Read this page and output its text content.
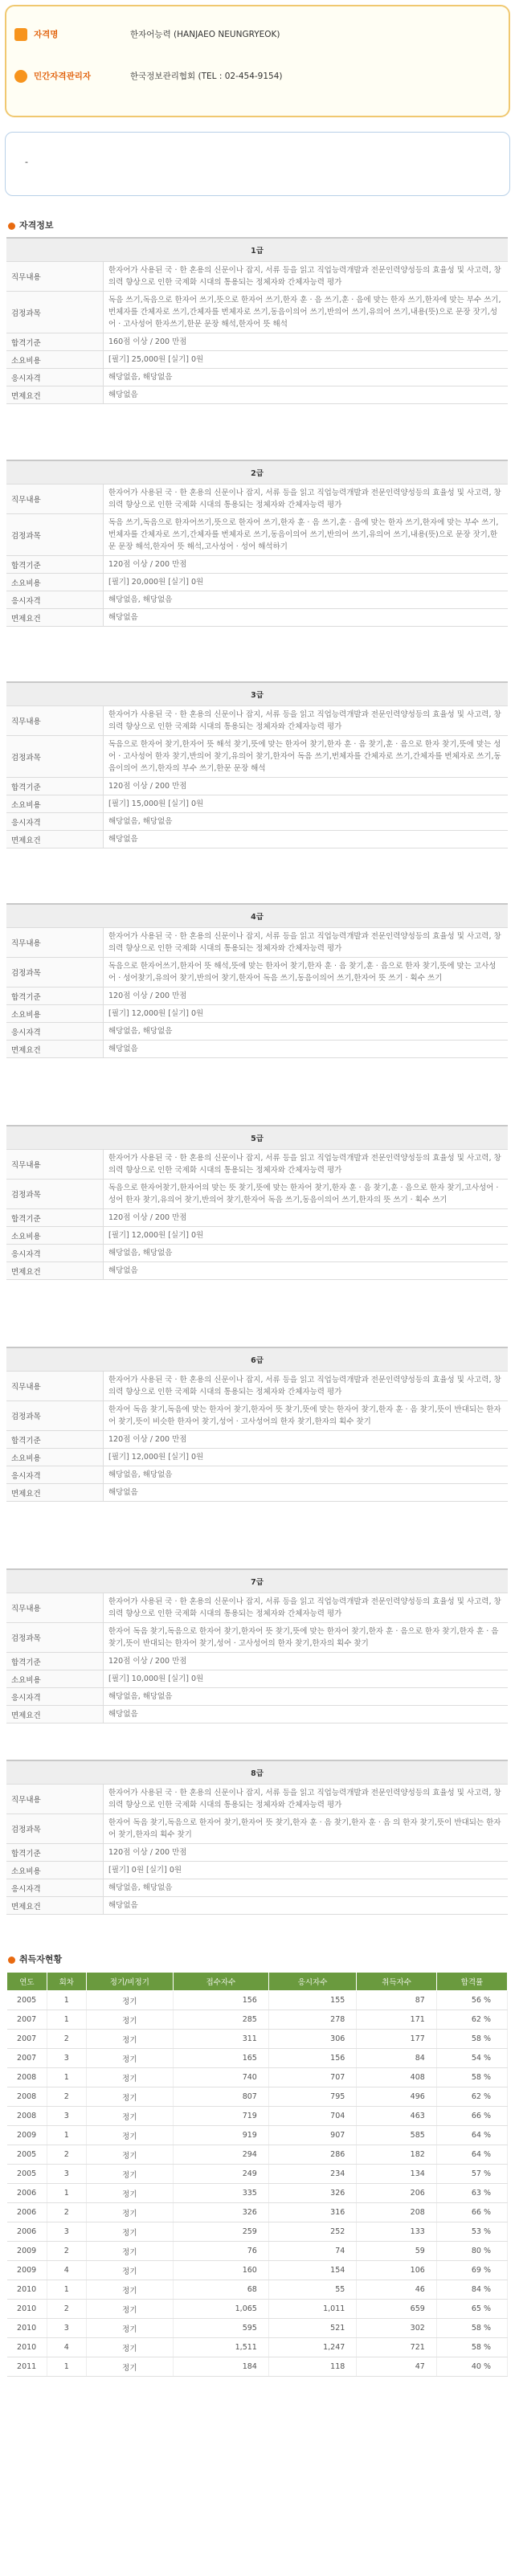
자격명	한자어능력 (HANJAEO NEUNGRYEOK)
민간자격관리자	한국정보관리협회 (TEL : 02-454-9154)
-
자격정보
1급	
직무내용	한자어가 사용된 국 · 한 혼용의 신문이나 잡지, 서류 등을 읽고 직업능력개발과 전문인력양성등의 효율성 및 사고력, 창의력 향상으로 인한 국제화 시대의 통용되는 정체자와 간체자능력 평가
검정과목	독음 쓰기,독음으로 한자어 쓰기,뜻으로 한자어 쓰기,한자 훈 · 음 쓰기,훈 · 음에 맞는 한자 쓰기,한자에 맞는 부수 쓰기,번체자를 간체자로 쓰기,간체자를 번체자로 쓰기,동음이의어 쓰기,반의어 쓰기,유의어 쓰기,내용(뜻)으로 문장 잣기,성어 · 고사성어 한자쓰기,한문 문장 해석,한자어 뜻 해석
합격기준	160점 이상 / 200 만점
소요비용	[필기] 25,000원 [실기] 0원
응시자격	해당없음, 해당없음
면제요건	해당없음
2급	
직무내용	한자어가 사용된 국 · 한 혼용의 신문이나 잡지, 서류 등을 읽고 직업능력개발과 전문인력양성등의 효율성 및 사고력, 창의력 향상으로 인한 국제화 시대의 통용되는 정체자와 간체자능력 평가
검정과목	독음 쓰기,독음으로 한자어쓰기,뜻으로 한자어 쓰기,한자 훈 · 음 쓰기,훈 · 음에 맞는 한자 쓰기,한자에 맞는 부수 쓰기,번체자를 간체자로 쓰기,간체자를 번체자로 쓰기,동음이의어 쓰기,반의어 쓰기,유의어 쓰기,내용(뜻)으로 문장 잣기,한문 문장 해석,한자어 뜻 해석,고사성어 · 성어 해석하기
합격기준	120점 이상 / 200 만점
소요비용	[필기] 20,000원 [실기] 0원
응시자격	해당없음, 해당없음
면제요건	해당없음
3급	
직무내용	한자어가 사용된 국 · 한 혼용의 신문이나 잡지, 서류 등을 읽고 직업능력개발과 전문인력양성등의 효율성 및 사고력, 창의력 향상으로 인한 국제화 시대의 통용되는 정체자와 간체자능력 평가
검정과목	독음으로 한자어 찾기,한자어 뜻 해석 찾기,뜻에 맞는 한자어 찾기,한자 훈 · 음 찾기,훈 · 음으로 한자 찾기,뜻에 맞는 성어 · 고사성어 한자 찾기,반의어 찾기,유의어 찾기,한자어 독음 쓰기,번체자를 간체자로 쓰기,간체자를 번체자로 쓰기,동음이의어 쓰기,한자의 부수 쓰기,한문 문장 해석
합격기준	120점 이상 / 200 만점
소요비용	[필기] 15,000원 [실기] 0원
응시자격	해당없음, 해당없음
면제요건	해당없음
4급	
직무내용	한자어가 사용된 국 · 한 혼용의 신문이나 잡지, 서류 등을 읽고 직업능력개발과 전문인력양성등의 효율성 및 사고력, 창의력 향상으로 인한 국제화 시대의 통용되는 정체자와 간체자능력 평가
검정과목	독음으로 한자어쓰기,한자어 뜻 해석,뜻에 맞는 한자어 찾기,한자 훈 · 음 찾기,훈 · 음으로 한자 찾기,뜻에 맞는 고사성어 · 성어찾기,유의어 찾기,반의어 찾기,한자어 독음 쓰기,동음이의어 쓰기,한자어 뜻 쓰기 · 획수 쓰기
합격기준	120점 이상 / 200 만점
소요비용	[필기] 12,000원 [실기] 0원
응시자격	해당없음, 해당없음
면제요건	해당없음
5급	
직무내용	한자어가 사용된 국 · 한 혼용의 신문이나 잡지, 서류 등을 읽고 직업능력개발과 전문인력양성등의 효율성 및 사고력, 창의력 향상으로 인한 국제화 시대의 통용되는 정체자와 간체자능력 평가
검정과목	독음으로 한자어찾기,한자어의 맞는 뜻 찾기,뜻에 맞는 한자어 찾기,한자 훈 · 음 찾기,훈 · 음으로 한자 찾기,고사성어 · 성어 한자 찾기,유의어 찾기,반의어 찾기,한자어 독음 쓰기,동음이의어 쓰기,한자의 뜻 쓰기 · 획수 쓰기
합격기준	120점 이상 / 200 만점
소요비용	[필기] 12,000원 [실기] 0원
응시자격	해당없음, 해당없음
면제요건	해당없음
6급	
직무내용	한자어가 사용된 국 · 한 혼용의 신문이나 잡지, 서류 등을 읽고 직업능력개발과 전문인력양성등의 효율성 및 사고력, 창의력 향상으로 인한 국제화 시대의 통용되는 정체자와 간체자능력 평가
검정과목	한자어 독음 찾기,독음에 맞는 한자어 찾기,한자어 뜻 찾기,뜻에 맞는 한자어 찾기,한자 훈 · 음 찾기,뜻이 반대되는 한자어 찾기,뜻이 비슷한 한자어 찾기,성어 · 고사성어의 한자 찾기,한자의 획수 찾기
합격기준	120점 이상 / 200 만점
소요비용	[필기] 12,000원 [실기] 0원
응시자격	해당없음, 해당없음
면제요건	해당없음
7급	
직무내용	한자어가 사용된 국 · 한 혼용의 신문이나 잡지, 서류 등을 읽고 직업능력개발과 전문인력양성등의 효율성 및 사고력, 창의력 향상으로 인한 국제화 시대의 통용되는 정체자와 간체자능력 평가
검정과목	한자어 독음 찾기,독음으로 한자어 찾기,한자어 뜻 찾기,뜻에 맞는 한자어 찾기,한자 훈 · 음으로 한자 찾기,한자 훈 · 음 찾기,뜻이 반대되는 한자어 찾기,성어 · 고사성어의 한자 찾기,한자의 획수 찾기
합격기준	120점 이상 / 200 만점
소요비용	[필기] 10,000원 [실기] 0원
응시자격	해당없음, 해당없음
면제요건	해당없음
8급	
직무내용	한자어가 사용된 국 · 한 혼용의 신문이나 잡지, 서류 등을 읽고 직업능력개발과 전문인력양성등의 효율성 및 사고력, 창의력 향상으로 인한 국제화 시대의 통용되는 정체자와 간체자능력 평가
검정과목	한자어 독음 찾기,독음으로 한자어 찾기,한자어 뜻 찾기,한자 훈 · 음 찾기,한자 훈 · 음 의 한자 찾기,뜻이 반대되는 한자어 찾기,한자의 획수 찾기
합격기준	120점 이상 / 200 만점
소요비용	[필기] 0원 [실기] 0원
응시자격	해당없음, 해당없음
면제요건	해당없음
취득자현황
연도	회차	정기/비정기	접수자수	응시자수	취득자수	합격률
2005	1	정기	156	155	87	56 %
2007	1	정기	285	278	171	62 %
2007	2	정기	311	306	177	58 %
2007	3	정기	165	156	84	54 %
2008	1	정기	740	707	408	58 %
2008	2	정기	807	795	496	62 %
2008	3	정기	719	704	463	66 %
2009	1	정기	919	907	585	64 %
2005	2	정기	294	286	182	64 %
2005	3	정기	249	234	134	57 %
2006	1	정기	335	326	206	63 %
2006	2	정기	326	316	208	66 %
2006	3	정기	259	252	133	53 %
2009	2	정기	76	74	59	80 %
2009	4	정기	160	154	106	69 %
2010	1	정기	68	55	46	84 %
2010	2	정기	1,065	1,011	659	65 %
2010	3	정기	595	521	302	58 %
2010	4	정기	1,511	1,247	721	58 %
2011	1	정기	184	118	47	40 %
